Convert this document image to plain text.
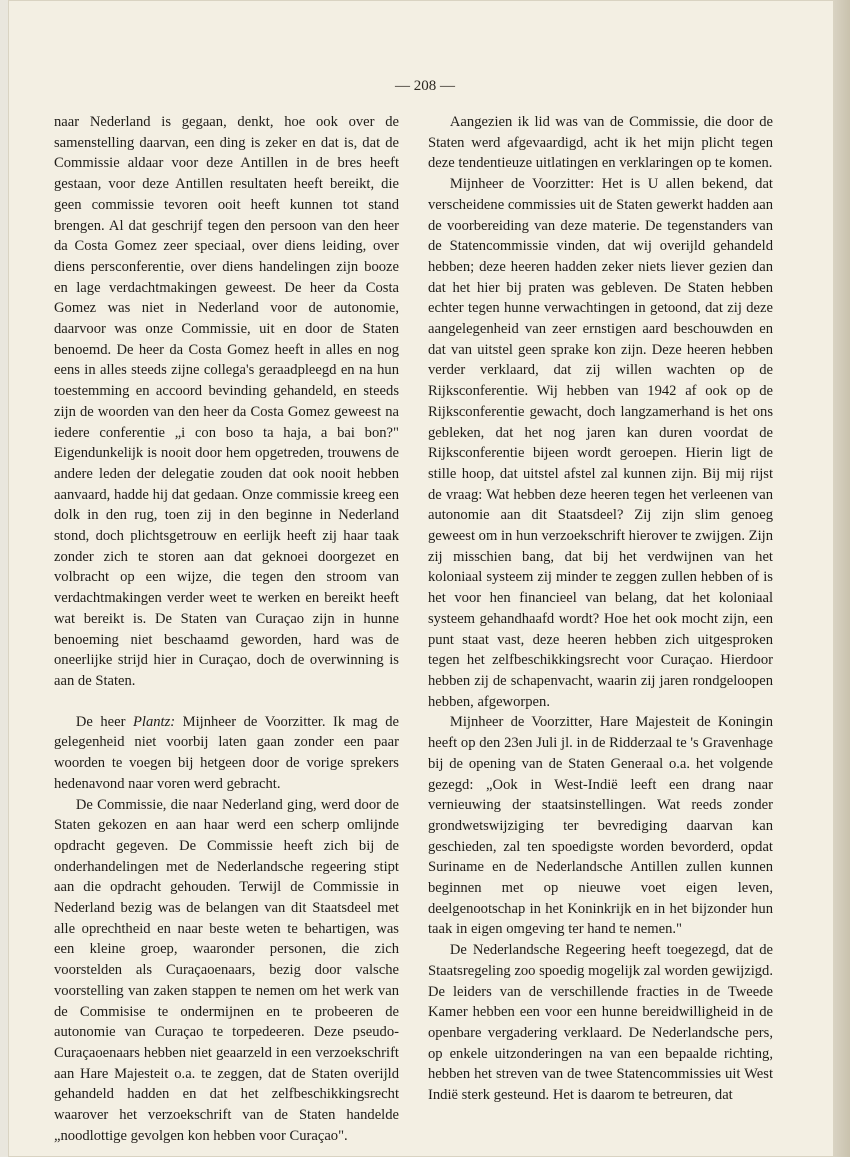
— 208 —

naar Nederland is gegaan, denkt, hoe ook over de samenstelling daarvan, een ding is zeker en dat is, dat de Commissie aldaar voor deze Antillen in de bres heeft gestaan, voor deze Antillen resultaten heeft bereikt, die geen commissie tevoren ooit heeft kunnen tot stand brengen. Al dat geschrijf tegen den persoon van den heer da Costa Gomez zeer speciaal, over diens leiding, over diens persconferentie, over diens handelingen zijn booze en lage verdachtmakingen geweest. De heer da Costa Gomez was niet in Nederland voor de autonomie, daarvoor was onze Commissie, uit en door de Staten benoemd. De heer da Costa Gomez heeft in alles en nog eens in alles steeds zijne collega's geraadpleegd en na hun toestemming en accoord bevinding gehandeld, en steeds zijn de woorden van den heer da Costa Gomez geweest na iedere conferentie „i con boso ta haja, a bai bon?" Eigendunkelijk is nooit door hem opgetreden, trouwens de andere leden der delegatie zouden dat ook nooit hebben aanvaard, hadde hij dat gedaan. Onze commissie kreeg een dolk in den rug, toen zij in den beginne in Nederland stond, doch plichtsgetrouw en eerlijk heeft zij haar taak zonder zich te storen aan dat geknoei doorgezet en volbracht op een wijze, die tegen den stroom van verdachtmakingen verder weet te werken en bereikt heeft wat bereikt is. De Staten van Curaçao zijn in hunne benoeming niet beschaamd geworden, hard was de oneerlijke strijd hier in Curaçao, doch de overwinning is aan de Staten.

De heer Plantz: Mijnheer de Voorzitter. Ik mag de gelegenheid niet voorbij laten gaan zonder een paar woorden te voegen bij hetgeen door de vorige sprekers hedenavond naar voren werd gebracht.

De Commissie, die naar Nederland ging, werd door de Staten gekozen en aan haar werd een scherp omlijnde opdracht gegeven. De Commissie heeft zich bij de onderhandelingen met de Nederlandsche regeering stipt aan die opdracht gehouden. Terwijl de Commissie in Nederland bezig was de belangen van dit Staatsdeel met alle oprechtheid en naar beste weten te behartigen, was een kleine groep, waaronder personen, die zich voorstelden als Curaçaoenaars, bezig door valsche voorstelling van zaken stappen te nemen om het werk van de Commisise te ondermijnen en te probeeren de autonomie van Curaçao te torpedeeren. Deze pseudo-Curaçaoenaars hebben niet geaarzeld in een verzoekschrift aan Hare Majesteit o.a. te zeggen, dat de Staten overijld gehandeld hadden en dat het zelfbeschikkingsrecht waarover het verzoekschrift van de Staten handelde „noodlottige gevolgen kon hebben voor Curaçao".

Aangezien ik lid was van de Commissie, die door de Staten werd afgevaardigd, acht ik het mijn plicht tegen deze tendentieuze uitlatingen en verklaringen op te komen.

Mijnheer de Voorzitter: Het is U allen bekend, dat verscheidene commissies uit de Staten gewerkt hadden aan de voorbereiding van deze materie. De tegenstanders van de Statencommissie vinden, dat wij overijld gehandeld hebben; deze heeren hadden zeker niets liever gezien dan dat het hier bij praten was gebleven. De Staten hebben echter tegen hunne verwachtingen in getoond, dat zij deze aangelegenheid van zeer ernstigen aard beschouwden en dat van uitstel geen sprake kon zijn. Deze heeren hebben verder verklaard, dat zij willen wachten op de Rijksconferentie. Wij hebben van 1942 af ook op de Rijksconferentie gewacht, doch langzamerhand is het ons gebleken, dat het nog jaren kan duren voordat de Rijksconferentie bijeen wordt geroepen. Hierin ligt de stille hoop, dat uitstel afstel zal kunnen zijn. Bij mij rijst de vraag: Wat hebben deze heeren tegen het verleenen van autonomie aan dit Staatsdeel? Zij zijn slim genoeg geweest om in hun verzoekschrift hierover te zwijgen. Zijn zij misschien bang, dat bij het verdwijnen van het koloniaal systeem zij minder te zeggen zullen hebben of is het voor hen financieel van belang, dat het koloniaal systeem gehandhaafd wordt? Hoe het ook mocht zijn, een punt staat vast, deze heeren hebben zich uitgesproken tegen het zelfbeschikkingsrecht voor Curaçao. Hierdoor hebben zij de schapenvacht, waarin zij jaren rondgeloopen hebben, afgeworpen.

Mijnheer de Voorzitter, Hare Majesteit de Koningin heeft op den 23en Juli jl. in de Ridderzaal te 's Gravenhage bij de opening van de Staten Generaal o.a. het volgende gezegd: „Ook in West-Indië leeft een drang naar vernieuwing der staatsinstellingen. Wat reeds zonder grondwetswijziging ter bevrediging daarvan kan geschieden, zal ten spoedigste worden bevorderd, opdat Suriname en de Nederlandsche Antillen zullen kunnen beginnen met op nieuwe voet eigen leven, deelgenootschap in het Koninkrijk en in het bijzonder hun taak in eigen omgeving ter hand te nemen."

De Nederlandsche Regeering heeft toegezegd, dat de Staatsregeling zoo spoedig mogelijk zal worden gewijzigd. De leiders van de verschillende fracties in de Tweede Kamer hebben een voor een hunne bereidwilligheid in de openbare vergadering verklaard. De Nederlandsche pers, op enkele uitzonderingen na van een bepaalde richting, hebben het streven van de twee Statencommissies uit West Indië sterk gesteund. Het is daarom te betreuren, dat
